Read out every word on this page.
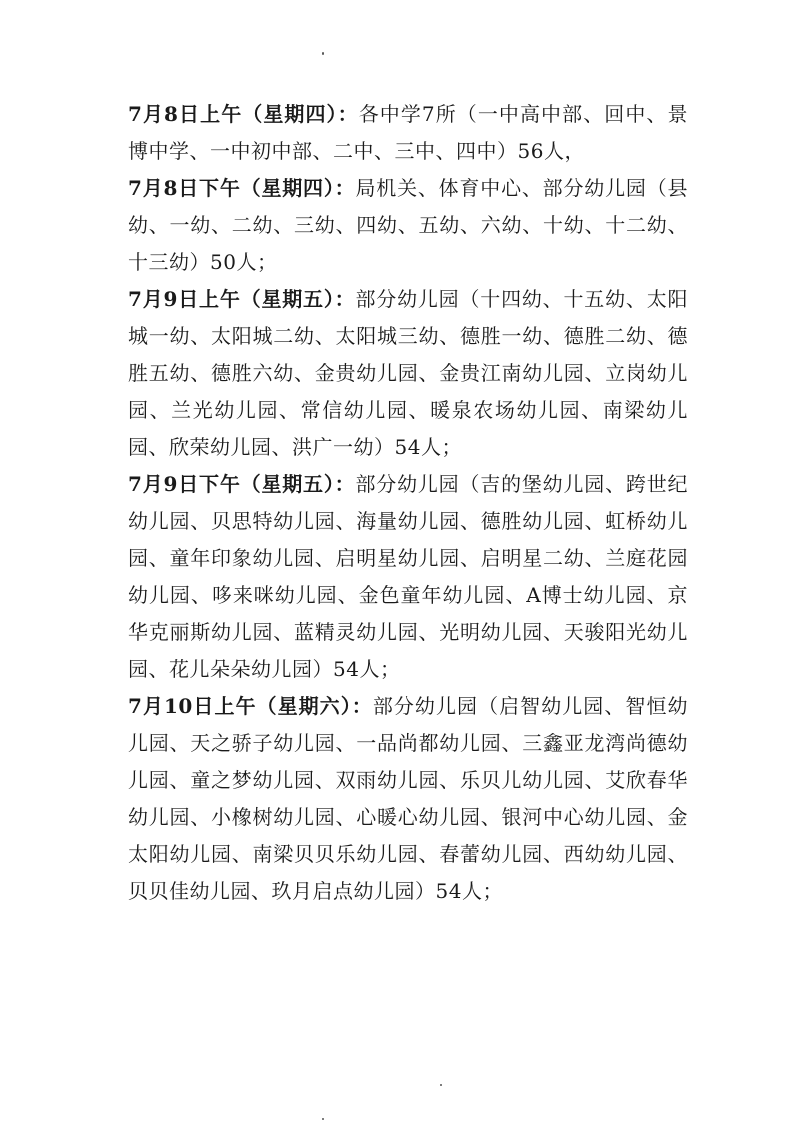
7月8日上午（星期四）：各中学7所（一中高中部、回中、景博中学、一中初中部、二中、三中、四中）56人，

7月8日下午（星期四）：局机关、体育中心、部分幼儿园（县幼、一幼、二幼、三幼、四幼、五幼、六幼、十幼、十二幼、十三幼）50人；

7月9日上午（星期五）：部分幼儿园（十四幼、十五幼、太阳城一幼、太阳城二幼、太阳城三幼、德胜一幼、德胜二幼、德胜五幼、德胜六幼、金贵幼儿园、金贵江南幼儿园、立岗幼儿园、兰光幼儿园、常信幼儿园、暖泉农场幼儿园、南梁幼儿园、欣荣幼儿园、洪广一幼）54人；

7月9日下午（星期五）：部分幼儿园（吉的堡幼儿园、跨世纪幼儿园、贝思特幼儿园、海量幼儿园、德胜幼儿园、虹桥幼儿园、童年印象幼儿园、启明星幼儿园、启明星二幼、兰庭花园幼儿园、哆来咪幼儿园、金色童年幼儿园、A博士幼儿园、京华克丽斯幼儿园、蓝精灵幼儿园、光明幼儿园、天骏阳光幼儿园、花儿朵朵幼儿园）54人；

7月10日上午（星期六）：部分幼儿园（启智幼儿园、智恒幼儿园、天之骄子幼儿园、一品尚都幼儿园、三鑫亚龙湾尚德幼儿园、童之梦幼儿园、双雨幼儿园、乐贝儿幼儿园、艾欣春华幼儿园、小橡树幼儿园、心暖心幼儿园、银河中心幼儿园、金太阳幼儿园、南梁贝贝乐幼儿园、春蕾幼儿园、西幼幼儿园、贝贝佳幼儿园、玖月启点幼儿园）54人；
